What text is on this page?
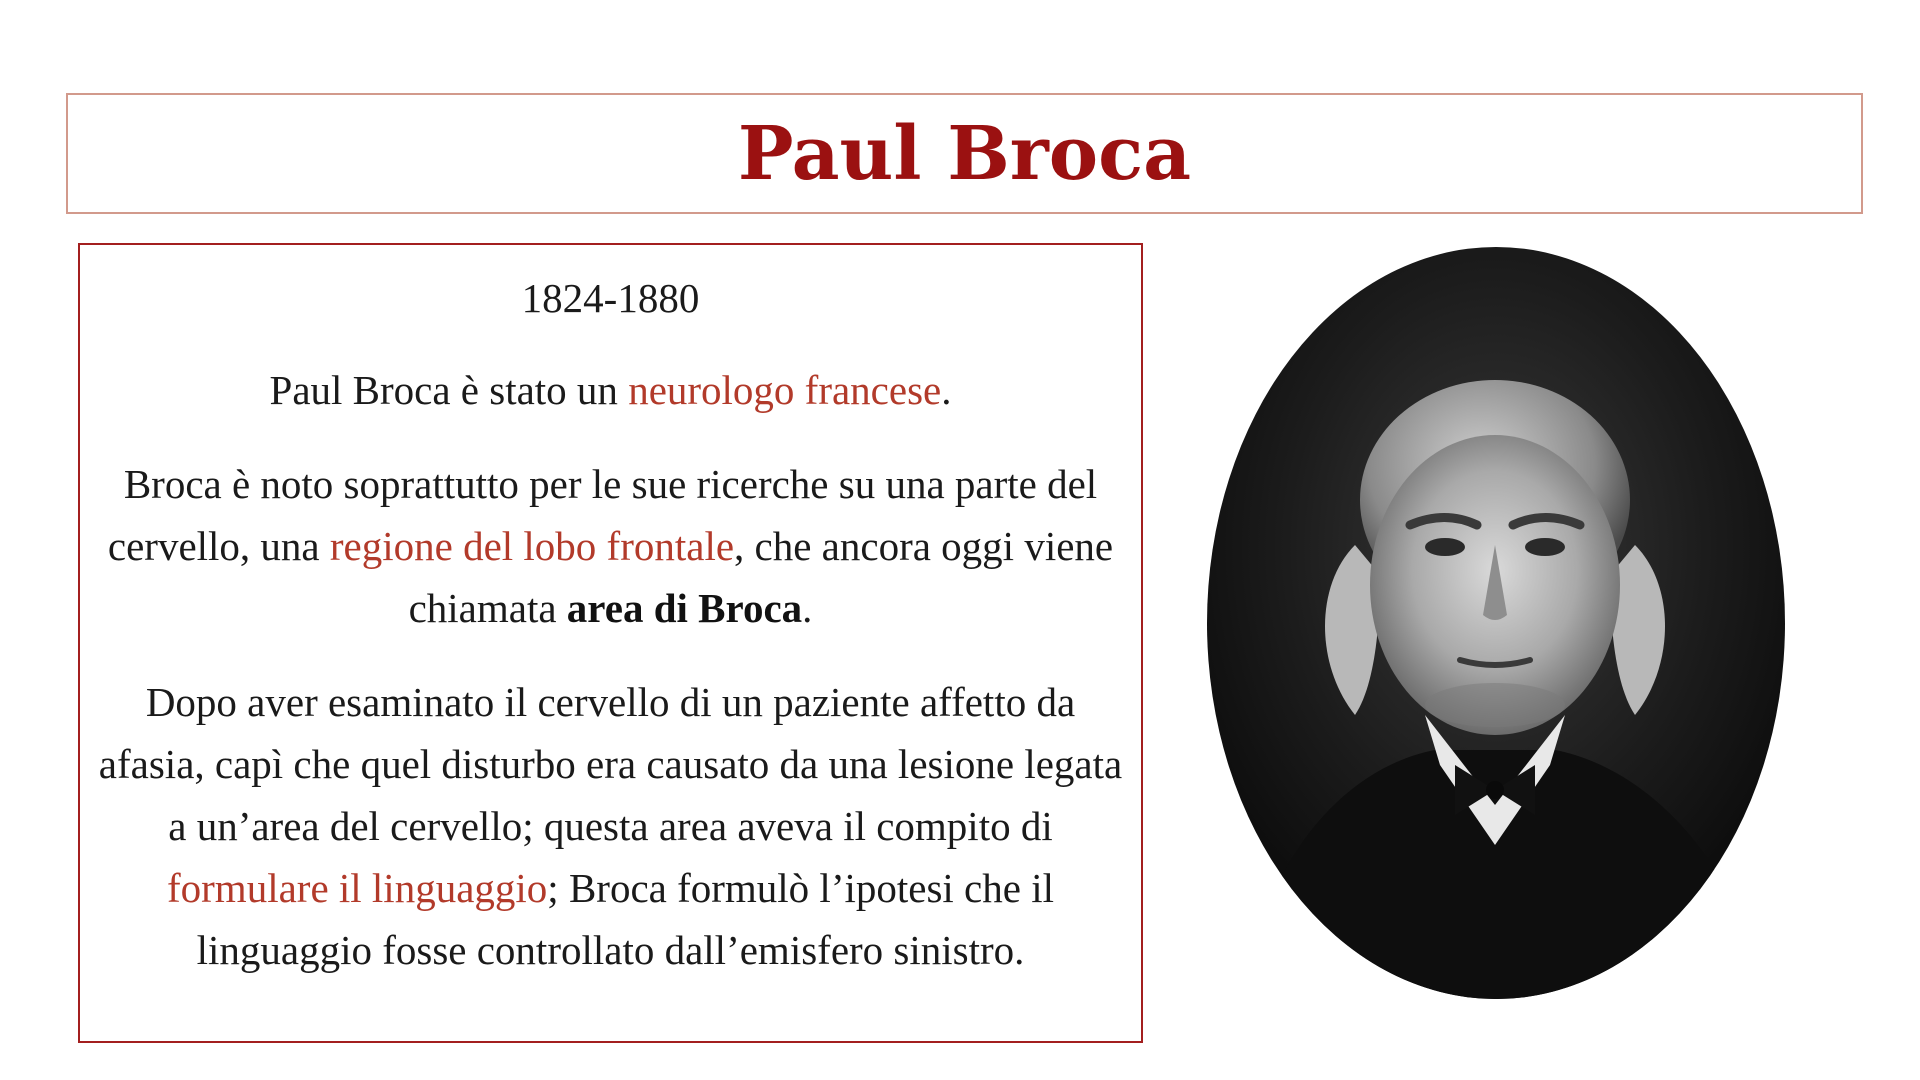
Paul Broca

1824-1880

Paul Broca è stato un neurologo francese.

Broca è noto soprattutto per le sue ricerche su una parte del cervello, una regione del lobo frontale, che ancora oggi viene chiamata area di Broca.

Dopo aver esaminato il cervello di un paziente affetto da afasia, capì che quel disturbo era causato da una lesione legata a un’area del cervello; questa area aveva il compito di formulare il linguaggio; Broca formulò l’ipotesi che il linguaggio fosse controllato dall’emisfero sinistro.
